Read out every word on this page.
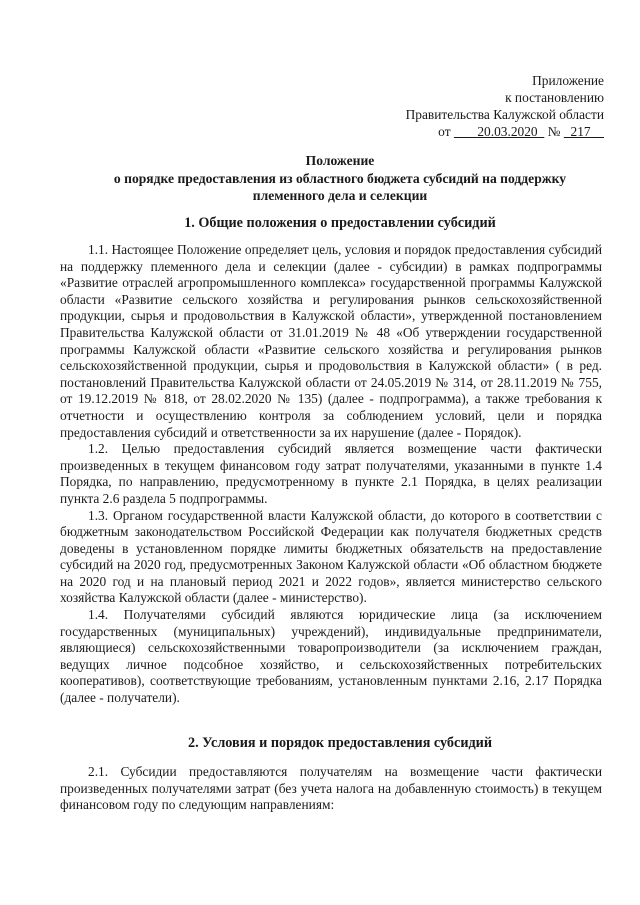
Приложение
к постановлению
Правительства Калужской области
от 20.03.2020 № 217
Положение
о порядке предоставления из областного бюджета субсидий на поддержку
племенного дела и селекции
1. Общие положения о предоставлении субсидий

1.1. Настоящее Положение определяет цель, условия и порядок предоставления субсидий на поддержку племенного дела и селекции (далее - субсидии) в рамках подпрограммы «Развитие отраслей агропромышленного комплекса» государственной программы Калужской области «Развитие сельского хозяйства и регулирования рынков сельскохозяйственной продукции, сырья и продовольствия в Калужской области», утвержденной постановлением Правительства Калужской области от 31.01.2019 № 48 «Об утверждении государственной программы Калужской области «Развитие сельского хозяйства и регулирования рынков сельскохозяйственной продукции, сырья и продовольствия в Калужской области» ( в ред. постановлений Правительства Калужской области от 24.05.2019 № 314, от 28.11.2019 № 755, от 19.12.2019 № 818, от 28.02.2020 № 135) (далее - подпрограмма), а также требования к отчетности и осуществлению контроля за соблюдением условий, цели и порядка предоставления субсидий и ответственности за их нарушение (далее - Порядок).

1.2. Целью предоставления субсидий является возмещение части фактически произведенных в текущем финансовом году затрат получателями, указанными в пункте 1.4 Порядка, по направлению, предусмотренному в пункте 2.1 Порядка, в целях реализации пункта 2.6 раздела 5 подпрограммы.

1.3. Органом государственной власти Калужской области, до которого в соответствии с бюджетным законодательством Российской Федерации как получателя бюджетных средств доведены в установленном порядке лимиты бюджетных обязательств на предоставление субсидий на 2020 год, предусмотренных Законом Калужской области «Об областном бюджете на 2020 год и на плановый период 2021 и 2022 годов», является министерство сельского хозяйства Калужской области (далее - министерство).

1.4. Получателями субсидий являются юридические лица (за исключением государственных (муниципальных) учреждений), индивидуальные предприниматели, являющиеся) сельскохозяйственными товаропроизводители (за исключением граждан, ведущих личное подсобное хозяйство, и сельскохозяйственных потребительских кооперативов), соответствующие требованиям, установленным пунктами 2.16, 2.17 Порядка (далее - получатели).

2. Условия и порядок предоставления субсидий

2.1. Субсидии предоставляются получателям на возмещение части фактически произведенных получателями затрат (без учета налога на добавленную стоимость) в текущем финансовом году по следующим направлениям:
